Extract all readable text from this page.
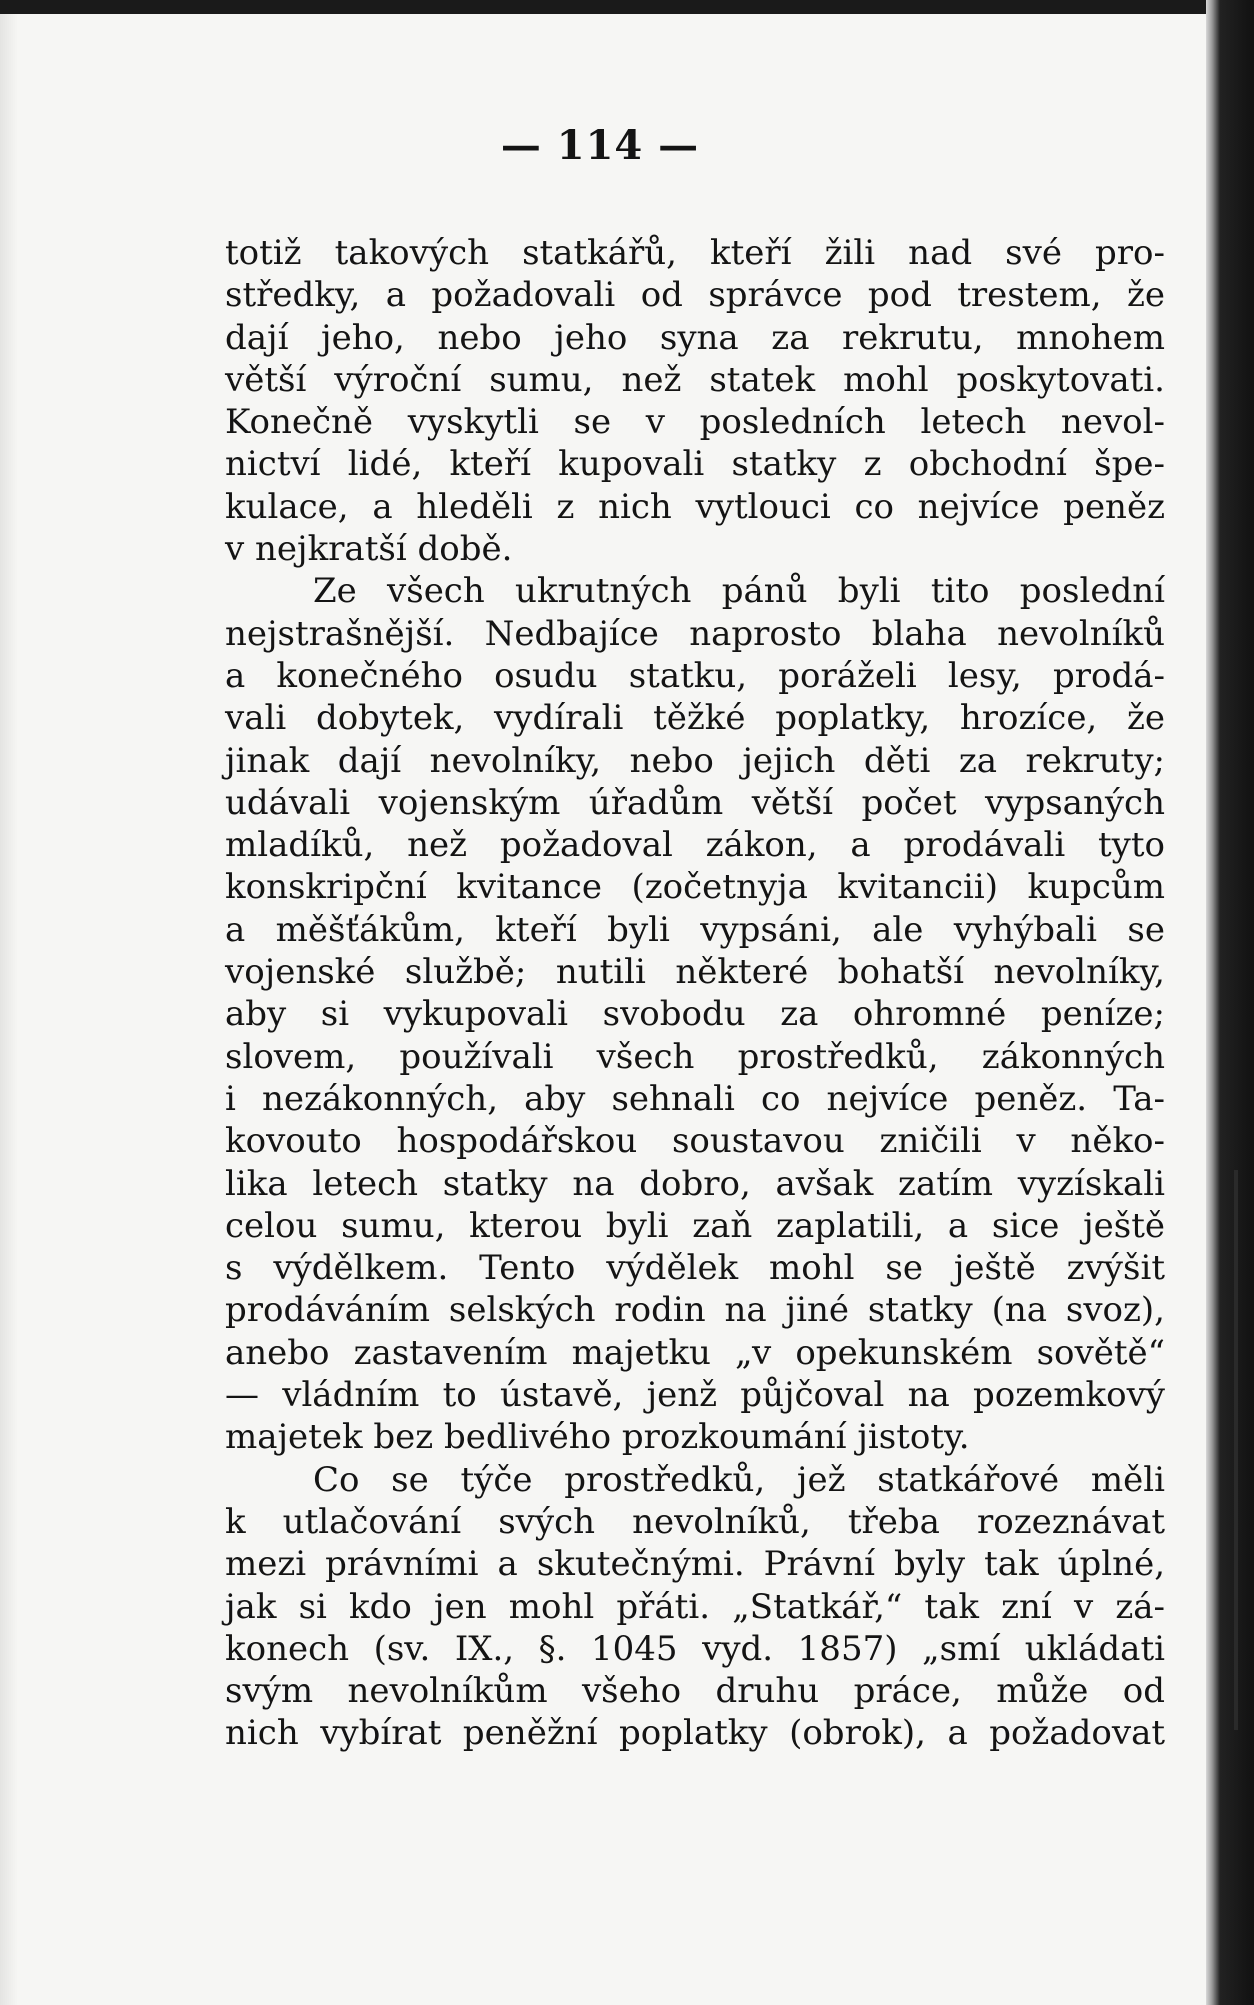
— 114 —
totiž takových statkářů, kteří žili nad své pro-
středky, a požadovali od správce pod trestem, že
dají jeho, nebo jeho syna za rekrutu, mnohem
větší výroční sumu, než statek mohl poskytovati.
Konečně vyskytli se v posledních letech nevol-
nictví lidé, kteří kupovali statky z obchodní špe-
kulace, a hleděli z nich vytlouci co nejvíce peněz
v nejkratší době.
Ze všech ukrutných pánů byli tito poslední
nejstrašnější. Nedbajíce naprosto blaha nevolníků
a konečného osudu statku, poráželi lesy, prodá-
vali dobytek, vydírali těžké poplatky, hrozíce, že
jinak dají nevolníky, nebo jejich děti za rekruty;
udávali vojenským úřadům větší počet vypsaných
mladíků, než požadoval zákon, a prodávali tyto
konskripční kvitance (zočetnyja kvitancii) kupcům
a měšťákům, kteří byli vypsáni, ale vyhýbali se
vojenské službě; nutili některé bohatší nevolníky,
aby si vykupovali svobodu za ohromné peníze;
slovem, používali všech prostředků, zákonných
i nezákonných, aby sehnali co nejvíce peněz. Ta-
kovouto hospodářskou soustavou zničili v něko-
lika letech statky na dobro, avšak zatím vyzískali
celou sumu, kterou byli zaň zaplatili, a sice ještě
s výdělkem. Tento výdělek mohl se ještě zvýšit
prodáváním selských rodin na jiné statky (na svoz),
anebo zastavením majetku „v opekunském sovětě“
— vládním to ústavě, jenž půjčoval na pozemkový
majetek bez bedlivého prozkoumání jistoty.
Co se týče prostředků, jež statkářové měli
k utlačování svých nevolníků, třeba rozeznávat
mezi právními a skutečnými. Právní byly tak úplné,
jak si kdo jen mohl přáti. „Statkář,“ tak zní v zá-
konech (sv. IX., §. 1045 vyd. 1857) „smí ukládati
svým nevolníkům všeho druhu práce, může od
nich vybírat peněžní poplatky (obrok), a požadovat
